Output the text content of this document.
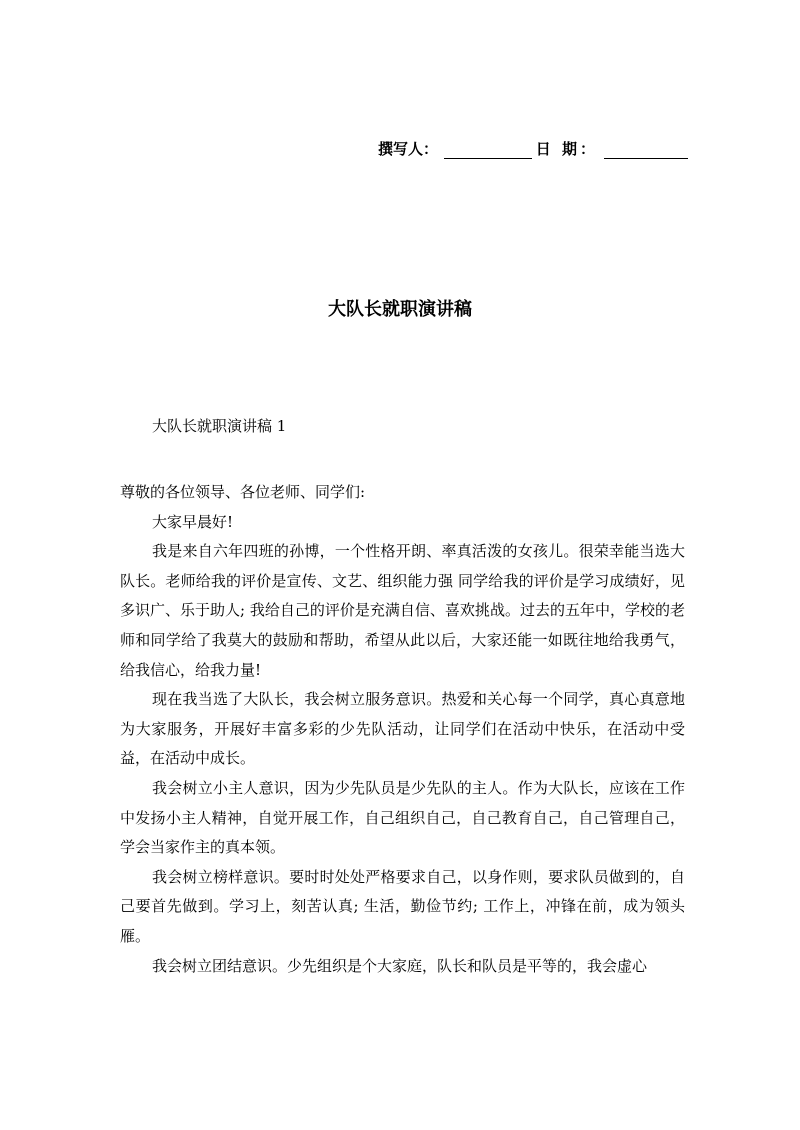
撰写人：	日 期：
大队长就职演讲稿
大队长就职演讲稿 1

尊敬的各位领导、各位老师、同学们:

大家早晨好!

我是来自六年四班的孙博，一个性格开朗、率真活泼的女孩儿。很荣幸能当选大队长。老师给我的评价是宣传、文艺、组织能力强 同学给我的评价是学习成绩好，见多识广、乐于助人; 我给自己的评价是充满自信、喜欢挑战。过去的五年中，学校的老师和同学给了我莫大的鼓励和帮助，希望从此以后，大家还能一如既往地给我勇气，给我信心，给我力量!

现在我当选了大队长，我会树立服务意识。热爱和关心每一个同学，真心真意地为大家服务，开展好丰富多彩的少先队活动，让同学们在活动中快乐，在活动中受益，在活动中成长。

我会树立小主人意识，因为少先队员是少先队的主人。作为大队长，应该在工作中发扬小主人精神，自觉开展工作，自己组织自己，自己教育自己，自己管理自己，学会当家作主的真本领。

我会树立榜样意识。要时时处处严格要求自己，以身作则，要求队员做到的，自己要首先做到。学习上，刻苦认真; 生活，勤俭节约; 工作上，冲锋在前，成为领头雁。

我会树立团结意识。少先组织是个大家庭，队长和队员是平等的，我会虚心
